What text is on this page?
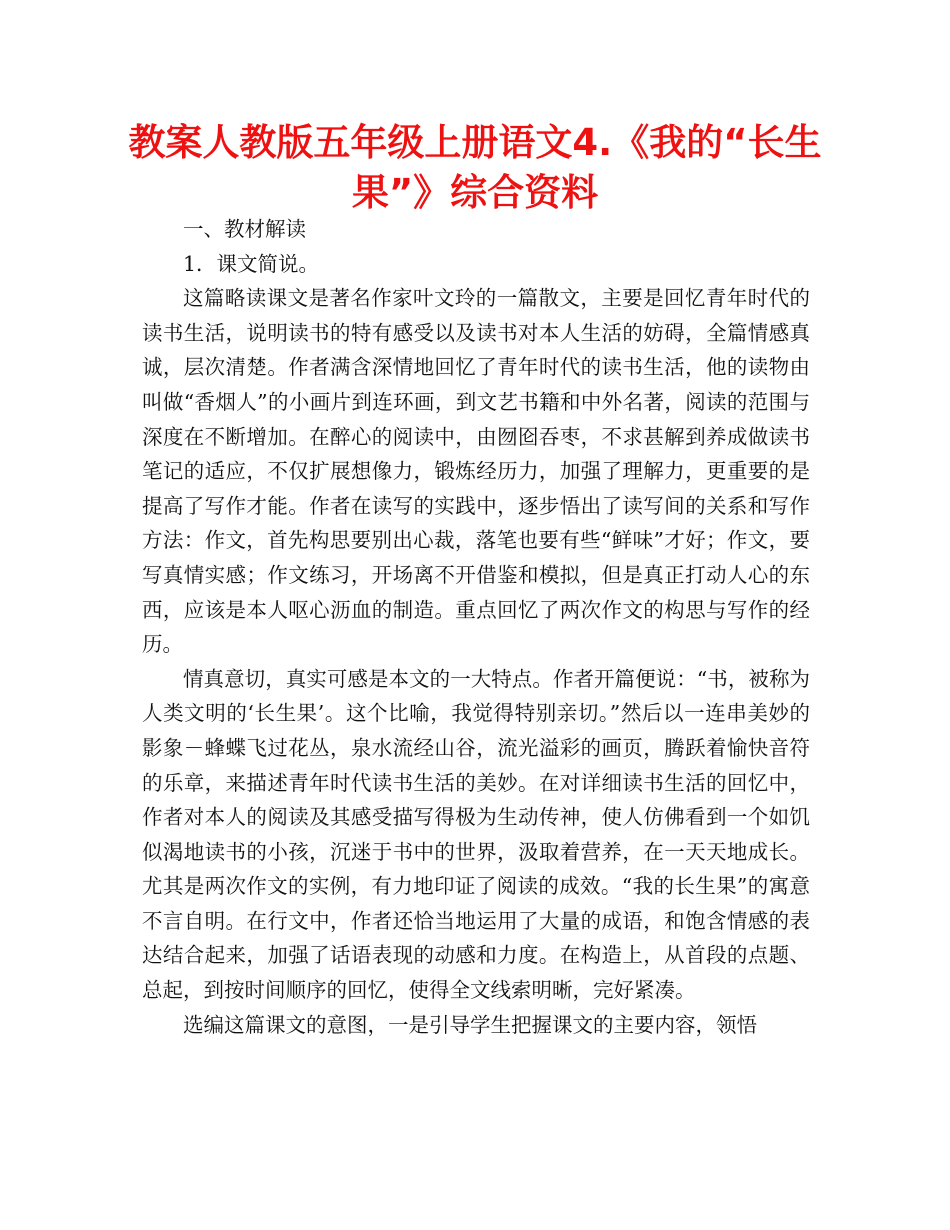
教案人教版五年级上册语文4.《我的“长生果”》综合资料

一、教材解读

1．课文简说。

这篇略读课文是著名作家叶文玲的一篇散文，主要是回忆青年时代的读书生活，说明读书的特有感受以及读书对本人生活的妨碍，全篇情感真诚，层次清楚。作者满含深情地回忆了青年时代的读书生活，他的读物由叫做“香烟人”的小画片到连环画，到文艺书籍和中外名著，阅读的范围与深度在不断增加。在醉心的阅读中，由囫囵吞枣，不求甚解到养成做读书笔记的适应，不仅扩展想像力，锻炼经历力，加强了理解力，更重要的是提高了写作才能。作者在读写的实践中，逐步悟出了读写间的关系和写作方法：作文，首先构思要别出心裁，落笔也要有些“鲜味”才好；作文，要写真情实感；作文练习，开场离不开借鉴和模拟，但是真正打动人心的东西，应该是本人呕心沥血的制造。重点回忆了两次作文的构思与写作的经历。

情真意切，真实可感是本文的一大特点。作者开篇便说：“书，被称为人类文明的‘长生果’。这个比喻，我觉得特别亲切。”然后以一连串美妙的影象－蜂蝶飞过花丛，泉水流经山谷，流光溢彩的画页，腾跃着愉快音符的乐章，来描述青年时代读书生活的美妙。在对详细读书生活的回忆中，作者对本人的阅读及其感受描写得极为生动传神，使人仿佛看到一个如饥似渴地读书的小孩，沉迷于书中的世界，汲取着营养，在一天天地成长。尤其是两次作文的实例，有力地印证了阅读的成效。“我的长生果”的寓意不言自明。在行文中，作者还恰当地运用了大量的成语，和饱含情感的表达结合起来，加强了话语表现的动感和力度。在构造上，从首段的点题、总起，到按时间顺序的回忆，使得全文线索明晰，完好紧凑。

选编这篇课文的意图，一是引导学生把握课文的主要内容，领悟
